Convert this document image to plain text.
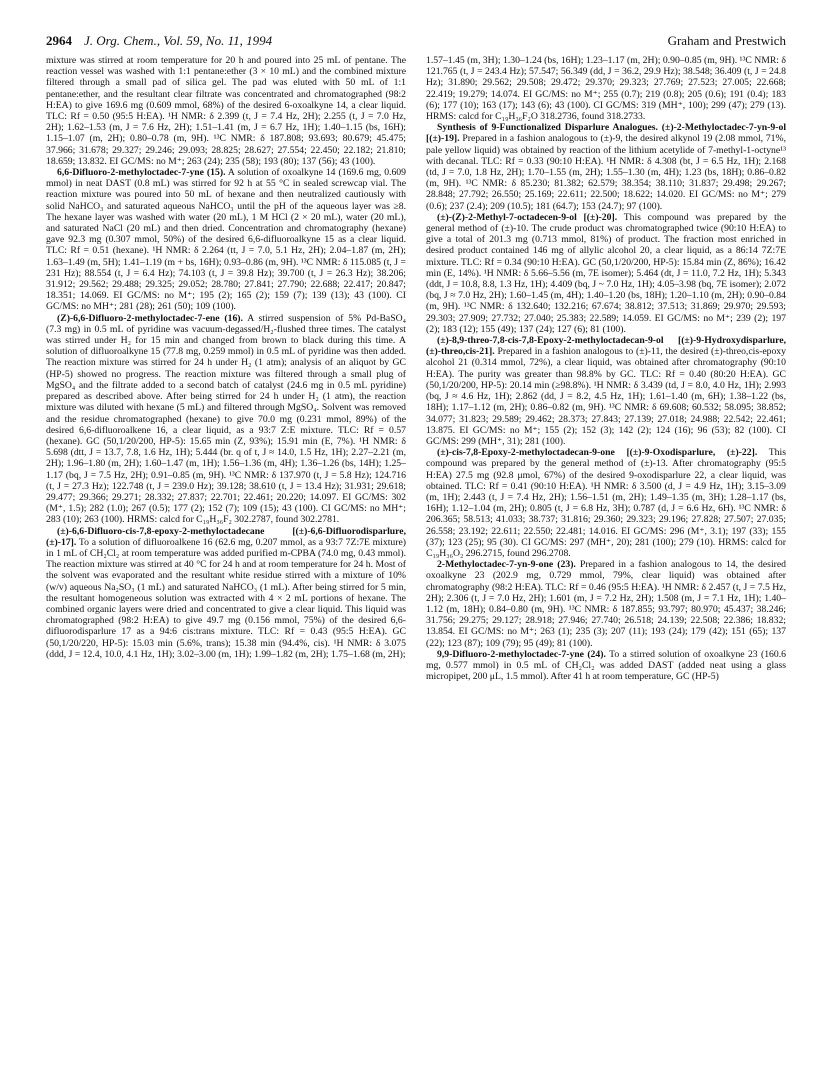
2964 J. Org. Chem., Vol. 59, No. 11, 1994	Graham and Prestwich

mixture was stirred at room temperature for 20 h and poured into 25 mL of pentane. The reaction vessel was washed with 1:1 pentane:ether (3 × 10 mL) and the combined mixture filtered through a small pad of silica gel. The pad was eluted with 50 mL of 1:1 pentane:ether, and the resultant clear filtrate was concentrated and chromatographed (98:2 H:EA) to give 169.6 mg (0.609 mmol, 68%) of the desired 6-oxoalkyne 14, a clear liquid. TLC: Rf = 0.50 (95:5 H:EA). ¹H NMR: δ 2.399 (t, J = 7.4 Hz, 2H); 2.255 (t, J = 7.0 Hz, 2H); 1.62–1.53 (m, J = 7.6 Hz, 2H); 1.51–1.41 (m, J = 6.7 Hz, 1H); 1.40–1.15 (bs, 16H); 1.15–1.07 (m, 2H); 0.80–0.78 (m, 9H). ¹³C NMR: δ 187.808; 93.693; 80.679; 45.475; 37.966; 31.678; 29.327; 29.246; 29.093; 28.825; 28.627; 27.554; 22.450; 22.182; 21.810; 18.659; 13.832. EI GC/MS: no M⁺; 263 (24); 235 (58); 193 (80); 137 (56); 43 (100).

6,6-Difluoro-2-methyloctadec-7-yne (15). A solution of oxoalkyne 14 (169.6 mg, 0.609 mmol) in neat DAST (0.8 mL) was stirred for 92 h at 55 °C in sealed screwcap vial. The reaction mixture was poured into 50 mL of hexane and then neutralized cautiously with solid NaHCO₃ and saturated aqueous NaHCO₃ until the pH of the aqueous layer was ≥8. The hexane layer was washed with water (20 mL), 1 M HCl (2 × 20 mL), water (20 mL), and saturated NaCl (20 mL) and then dried. Concentration and chromatography (hexane) gave 92.3 mg (0.307 mmol, 50%) of the desired 6,6-difluoroalkyne 15 as a clear liquid. TLC: Rf = 0.51 (hexane). ¹H NMR: δ 2.264 (tt, J = 7.0, 5.1 Hz, 2H); 2.04–1.87 (m, 2H); 1.63–1.49 (m, 5H); 1.41–1.19 (m + bs, 16H); 0.93–0.86 (m, 9H). ¹³C NMR: δ 115.085 (t, J = 231 Hz); 88.554 (t, J = 6.4 Hz); 74.103 (t, J = 39.8 Hz); 39.700 (t, J = 26.3 Hz); 38.206; 31.912; 29.562; 29.488; 29.325; 29.052; 28.780; 27.841; 27.790; 22.688; 22.417; 20.847; 18.351; 14.069. EI GC/MS: no M⁺; 195 (2); 165 (2); 159 (7); 139 (13); 43 (100). CI GC/MS: no MH⁺; 281 (28); 261 (50); 109 (100).

(Z)-6,6-Difluoro-2-methyloctadec-7-ene (16). A stirred suspension of 5% Pd-BaSO₄ (7.3 mg) in 0.5 mL of pyridine was vacuum-degassed/H₂-flushed three times. The catalyst was stirred under H₂ for 15 min and changed from brown to black during this time. A solution of difluoroalkyne 15 (77.8 mg, 0.259 mmol) in 0.5 mL of pyridine was then added. The reaction mixture was stirred for 24 h under H₂ (1 atm); analysis of an aliquot by GC (HP-5) showed no progress. The reaction mixture was filtered through a small plug of MgSO₄ and the filtrate added to a second batch of catalyst (24.6 mg in 0.5 mL pyridine) prepared as described above. After being stirred for 24 h under H₂ (1 atm), the reaction mixture was diluted with hexane (5 mL) and filtered through MgSO₄. Solvent was removed and the residue chromatographed (hexane) to give 70.0 mg (0.231 mmol, 89%) of the desired 6,6-difluoroalkene 16, a clear liquid, as a 93:7 Z:E mixture. TLC: Rf = 0.57 (hexane). GC (50,1/20/200, HP-5): 15.65 min (Z, 93%); 15.91 min (E, 7%). ¹H NMR: δ 5.698 (dtt, J = 13.7, 7.8, 1.6 Hz, 1H); 5.444 (br. q of t, J ≈ 14.0, 1.5 Hz, 1H); 2.27–2.21 (m, 2H); 1.96–1.80 (m, 2H); 1.60–1.47 (m, 1H); 1.56–1.36 (m, 4H); 1.36–1.26 (bs, 14H); 1.25–1.17 (bq, J = 7.5 Hz, 2H); 0.91–0.85 (m, 9H). ¹³C NMR: δ 137.970 (t, J = 5.8 Hz); 124.716 (t, J = 27.3 Hz); 122.748 (t, J = 239.0 Hz); 39.128; 38.610 (t, J = 13.4 Hz); 31.931; 29.618; 29.477; 29.366; 29.271; 28.332; 27.837; 22.701; 22.461; 20.220; 14.097. EI GC/MS: 302 (M⁺, 1.5); 282 (1.0); 267 (0.5); 177 (2); 152 (7); 109 (15); 43 (100). CI GC/MS: no MH⁺; 283 (10); 263 (100). HRMS: calcd for C₁₉H₃₆F₂ 302.2787, found 302.2781.

(±)-6,6-Difluoro-cis-7,8-epoxy-2-methyloctadecane [(±)-6,6-Difluorodisparlure, (±)-17]. To a solution of difluoroalkene 16 (62.6 mg, 0.207 mmol, as a 93:7 7Z:7E mixture) in 1 mL of CH₂Cl₂ at room temperature was added purified m-CPBA (74.0 mg, 0.43 mmol). The reaction mixture was stirred at 40 °C for 24 h and at room temperature for 24 h. Most of the solvent was evaporated and the resultant white residue stirred with a mixture of 10% (w/v) aqueous Na₂SO₃ (1 mL) and saturated NaHCO₃ (1 mL). After being stirred for 5 min, the resultant homogeneous solution was extracted with 4 × 2 mL portions of hexane. The combined organic layers were dried and concentrated to give a clear liquid. This liquid was chromatographed (98:2 H:EA) to give 49.7 mg (0.156 mmol, 75%) of the desired 6,6-difluorodisparlure 17 as a 94:6 cis:trans mixture. TLC: Rf = 0.43 (95:5 H:EA). GC (50,1/20/220, HP-5): 15.03 min (5.6%, trans); 15.38 min (94.4%, cis). ¹H NMR: δ 3.075 (ddd, J = 12.4, 10.0, 4.1 Hz, 1H); 3.02–3.00 (m, 1H); 1.99–1.82 (m, 2H); 1.75–1.68 (m, 2H);

1.57–1.45 (m, 3H); 1.30–1.24 (bs, 16H); 1.23–1.17 (m, 2H); 0.90–0.85 (m, 9H). ¹³C NMR: δ 121.765 (t, J = 243.4 Hz); 57.547; 56.349 (dd, J = 36.2, 29.9 Hz); 38.548; 36.409 (t, J = 24.8 Hz); 31.890; 29.562; 29.508; 29.472; 29.370; 29.323; 27.769; 27.523; 27.005; 22.668; 22.419; 19.279; 14.074. EI GC/MS: no M⁺; 255 (0.7); 219 (0.8); 205 (0.6); 191 (0.4); 183 (6); 177 (10); 163 (17); 143 (6); 43 (100). CI GC/MS: 319 (MH⁺, 100); 299 (47); 279 (13). HRMS: calcd for C₁₉H₃₆F₂O 318.2736, found 318.2733.

Synthesis of 9-Functionalized Disparlure Analogues. (±)-2-Methyloctadec-7-yn-9-ol [(±)-19]. Prepared in a fashion analogous to (±)-9, the desired alkynol 19 (2.08 mmol, 71%, pale yellow liquid) was obtained by reaction of the lithium acetylide of 7-methyl-1-octyne¹³ with decanal. TLC: Rf = 0.33 (90:10 H:EA). ¹H NMR: δ 4.308 (bt, J = 6.5 Hz, 1H); 2.168 (td, J = 7.0, 1.8 Hz, 2H); 1.70–1.55 (m, 2H); 1.55–1.30 (m, 4H); 1.23 (bs, 18H); 0.86–0.82 (m, 9H). ¹³C NMR: δ 85.230; 81.382; 62.579; 38.354; 38.110; 31.837; 29.498; 29.267; 28.848; 27.792; 26.550; 25.169; 22.611; 22.500; 18.622; 14.020. EI GC/MS: no M⁺; 279 (0.6); 237 (2.4); 209 (10.5); 181 (64.7); 153 (24.7); 97 (100).

(±)-(Z)-2-Methyl-7-octadecen-9-ol [(±)-20]. This compound was prepared by the general method of (±)-10. The crude product was chromatographed twice (90:10 H:EA) to give a total of 201.3 mg (0.713 mmol, 81%) of product. The fraction most enriched in desired product contained 146 mg of allylic alcohol 20, a clear liquid, as a 86:14 7Z:7E mixture. TLC: Rf = 0.34 (90:10 H:EA). GC (50,1/20/200, HP-5): 15.84 min (Z, 86%); 16.42 min (E, 14%). ¹H NMR: δ 5.66–5.56 (m, 7E isomer); 5.464 (dt, J = 11.0, 7.2 Hz, 1H); 5.343 (ddt, J = 10.8, 8.8, 1.3 Hz, 1H); 4.409 (bq, J ~ 7.0 Hz, 1H); 4.05–3.98 (bq, 7E isomer); 2.072 (bq, J ≈ 7.0 Hz, 2H); 1.60–1.45 (m, 4H); 1.40–1.20 (bs, 18H); 1.20–1.10 (m, 2H); 0.90–0.84 (m, 9H). ¹³C NMR: δ 132.640; 132.216; 67.674; 38.812; 37.513; 31.869; 29.970; 29.593; 29.303; 27.909; 27.732; 27.040; 25.383; 22.589; 14.059. EI GC/MS: no M⁺; 239 (2); 197 (2); 183 (12); 155 (49); 137 (24); 127 (6); 81 (100).

(±)-8,9-threo-7,8-cis-7,8-Epoxy-2-methyloctadecan-9-ol [(±)-9-Hydroxydisparlure, (±)-threo,cis-21]. Prepared in a fashion analogous to (±)-11, the desired (±)-threo,cis-epoxy alcohol 21 (0.314 mmol, 72%), a clear liquid, was obtained after chromatography (90:10 H:EA). The purity was greater than 98.8% by GC. TLC: Rf = 0.40 (80:20 H:EA). GC (50,1/20/200, HP-5): 20.14 min (≥98.8%). ¹H NMR: δ 3.439 (td, J = 8.0, 4.0 Hz, 1H); 2.993 (bq, J ≈ 4.6 Hz, 1H); 2.862 (dd, J = 8.2, 4.5 Hz, 1H); 1.61–1.40 (m, 6H); 1.38–1.22 (bs, 18H); 1.17–1.12 (m, 2H); 0.86–0.82 (m, 9H). ¹³C NMR: δ 69.608; 60.532; 58.095; 38.852; 34.077; 31.823; 29.589; 29.462; 28.373; 27.843; 27.139; 27.018; 24.988; 22.542; 22.461; 13.875. EI GC/MS: no M⁺; 155 (2); 152 (3); 142 (2); 124 (16); 96 (53); 82 (100). CI GC/MS: 299 (MH⁺, 31); 281 (100).

(±)-cis-7,8-Epoxy-2-methyloctadecan-9-one [(±)-9-Oxodisparlure, (±)-22]. This compound was prepared by the general method of (±)-13. After chromatography (95:5 H:EA) 27.5 mg (92.8 μmol, 67%) of the desired 9-oxodisparlure 22, a clear liquid, was obtained. TLC: Rf = 0.41 (90:10 H:EA). ¹H NMR: δ 3.500 (d, J = 4.9 Hz, 1H); 3.15–3.09 (m, 1H); 2.443 (t, J = 7.4 Hz, 2H); 1.56–1.51 (m, 2H); 1.49–1.35 (m, 3H); 1.28–1.17 (bs, 16H); 1.12–1.04 (m, 2H); 0.805 (t, J = 6.8 Hz, 3H); 0.787 (d, J = 6.6 Hz, 6H). ¹³C NMR: δ 206.365; 58.513; 41.033; 38.737; 31.816; 29.360; 29.323; 29.196; 27.828; 27.507; 27.035; 26.558; 23.192; 22.611; 22.550; 22.481; 14.016. EI GC/MS: 296 (M⁺, 3.1); 197 (33); 155 (37); 123 (25); 95 (30). CI GC/MS: 297 (MH⁺, 20); 281 (100); 279 (10). HRMS: calcd for C₁₉H₃₆O₂ 296.2715, found 296.2708.

2-Methyloctadec-7-yn-9-one (23). Prepared in a fashion analogous to 14, the desired oxoalkyne 23 (202.9 mg, 0.729 mmol, 79%, clear liquid) was obtained after chromatography (98:2 H:EA). TLC: Rf = 0.46 (95:5 H:EA). ¹H NMR: δ 2.457 (t, J = 7.5 Hz, 2H); 2.306 (t, J = 7.0 Hz, 2H); 1.601 (m, J = 7.2 Hz, 2H); 1.508 (m, J = 7.1 Hz, 1H); 1.40–1.12 (m, 18H); 0.84–0.80 (m, 9H). ¹³C NMR: δ 187.855; 93.797; 80.970; 45.437; 38.246; 31.756; 29.275; 29.127; 28.918; 27.946; 27.740; 26.518; 24.139; 22.508; 22.386; 18.832; 13.854. EI GC/MS: no M⁺; 263 (1); 235 (3); 207 (11); 193 (24); 179 (42); 151 (65); 137 (22); 123 (87); 109 (79); 95 (49); 81 (100).

9,9-Difluoro-2-methyloctadec-7-yne (24). To a stirred solution of oxoalkyne 23 (160.6 mg, 0.577 mmol) in 0.5 mL of CH₂Cl₂ was added DAST (added neat using a glass micropipet, 200 μL, 1.5 mmol). After 41 h at room temperature, GC (HP-5)
